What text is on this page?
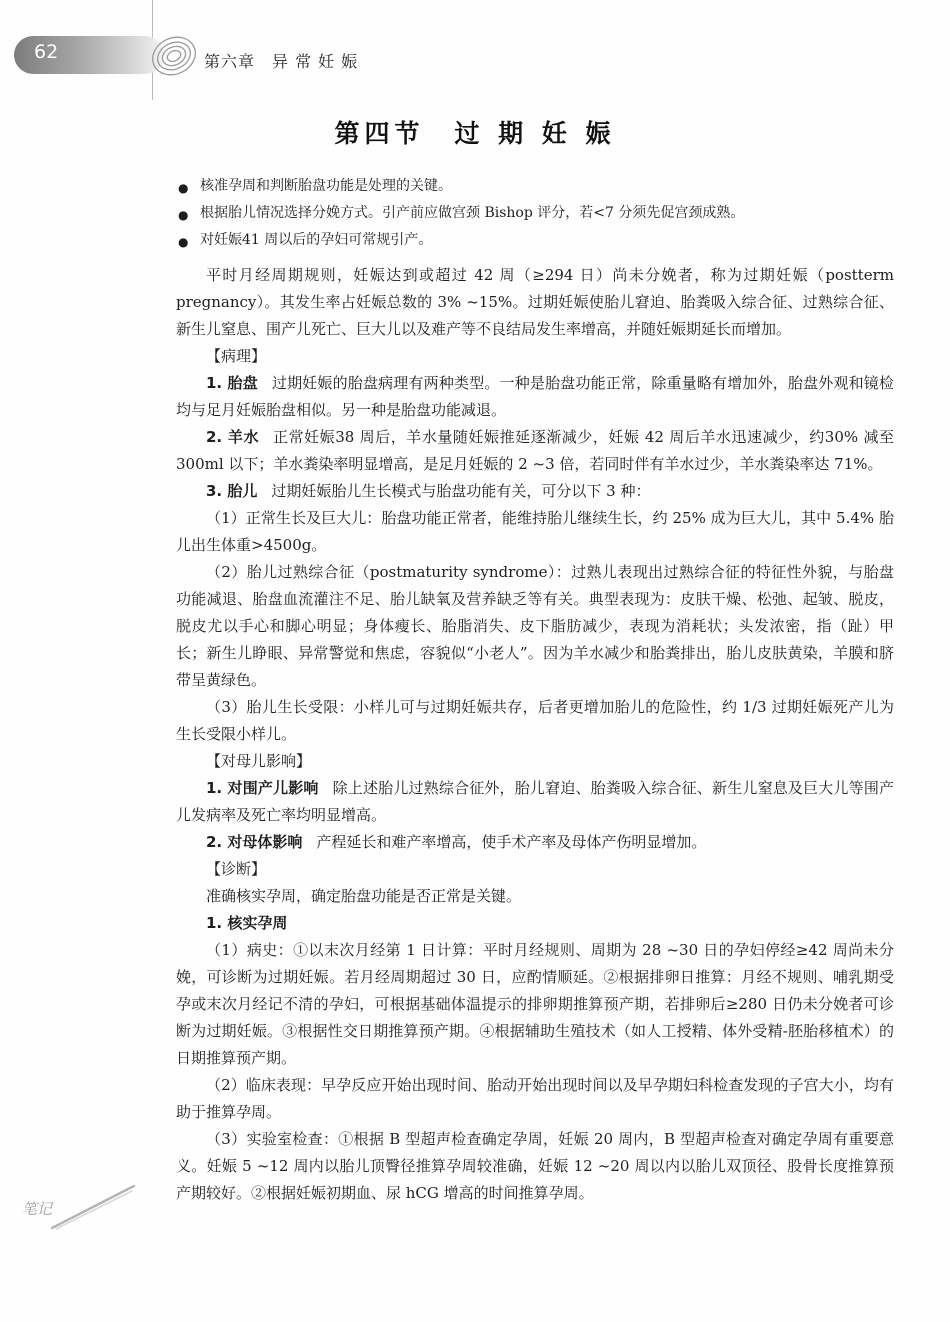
62	第六章　异 常 妊 娠
第四节　过 期 妊 娠
● 核准孕周和判断胎盘功能是处理的关键。
● 根据胎儿情况选择分娩方式。引产前应做宫颈 Bishop 评分，若<7 分须先促宫颈成熟。
● 对妊娠41 周以后的孕妇可常规引产。

平时月经周期规则，妊娠达到或超过 42 周（≥294 日）尚未分娩者，称为过期妊娠（postterm pregnancy）。其发生率占妊娠总数的 3% ~15%。过期妊娠使胎儿窘迫、胎粪吸入综合征、过熟综合征、新生儿窒息、围产儿死亡、巨大儿以及难产等不良结局发生率增高，并随妊娠期延长而增加。

【病理】

1. 胎盘 过期妊娠的胎盘病理有两种类型。一种是胎盘功能正常，除重量略有增加外，胎盘外观和镜检均与足月妊娠胎盘相似。另一种是胎盘功能减退。

2. 羊水 正常妊娠38 周后，羊水量随妊娠推延逐渐减少，妊娠 42 周后羊水迅速减少，约30% 减至 300ml 以下；羊水粪染率明显增高，是足月妊娠的 2 ~3 倍，若同时伴有羊水过少，羊水粪染率达 71%。

3. 胎儿 过期妊娠胎儿生长模式与胎盘功能有关，可分以下 3 种：

（1）正常生长及巨大儿：胎盘功能正常者，能维持胎儿继续生长，约 25% 成为巨大儿，其中 5.4% 胎儿出生体重>4500g。

（2）胎儿过熟综合征（postmaturity syndrome）：过熟儿表现出过熟综合征的特征性外貌，与胎盘功能减退、胎盘血流灌注不足、胎儿缺氧及营养缺乏等有关。典型表现为：皮肤干燥、松弛、起皱、脱皮，脱皮尤以手心和脚心明显；身体瘦长、胎脂消失、皮下脂肪减少，表现为消耗状；头发浓密，指（趾）甲长；新生儿睁眼、异常警觉和焦虑，容貌似“小老人”。因为羊水减少和胎粪排出，胎儿皮肤黄染，羊膜和脐带呈黄绿色。

（3）胎儿生长受限：小样儿可与过期妊娠共存，后者更增加胎儿的危险性，约 1/3 过期妊娠死产儿为生长受限小样儿。

【对母儿影响】

1. 对围产儿影响 除上述胎儿过熟综合征外，胎儿窘迫、胎粪吸入综合征、新生儿窒息及巨大儿等围产儿发病率及死亡率均明显增高。

2. 对母体影响 产程延长和难产率增高，使手术产率及母体产伤明显增加。

【诊断】

准确核实孕周，确定胎盘功能是否正常是关键。

1. 核实孕周

（1）病史：①以末次月经第 1 日计算：平时月经规则、周期为 28 ~30 日的孕妇停经≥42 周尚未分娩，可诊断为过期妊娠。若月经周期超过 30 日，应酌情顺延。②根据排卵日推算：月经不规则、哺乳期受孕或末次月经记不清的孕妇，可根据基础体温提示的排卵期推算预产期，若排卵后≥280 日仍未分娩者可诊断为过期妊娠。③根据性交日期推算预产期。④根据辅助生殖技术（如人工授精、体外受精-胚胎移植术）的日期推算预产期。

（2）临床表现：早孕反应开始出现时间、胎动开始出现时间以及早孕期妇科检查发现的子宫大小，均有助于推算孕周。

（3）实验室检查：①根据 B 型超声检查确定孕周，妊娠 20 周内，B 型超声检查对确定孕周有重要意义。妊娠 5 ~12 周内以胎儿顶臀径推算孕周较准确，妊娠 12 ~20 周以内以胎儿双顶径、股骨长度推算预产期较好。②根据妊娠初期血、尿 hCG 增高的时间推算孕周。

笔记
